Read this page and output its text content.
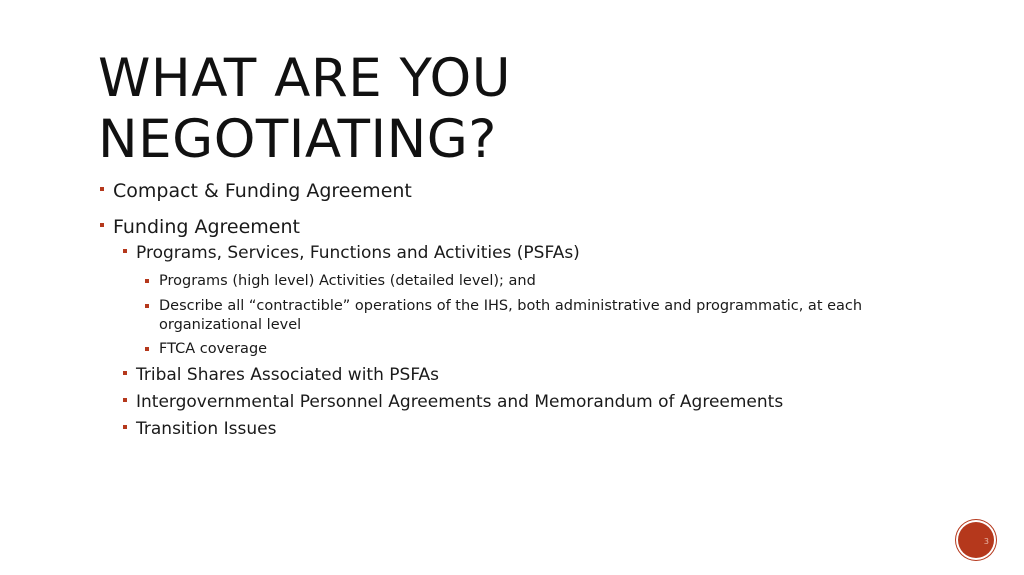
WHAT ARE YOU
NEGOTIATING?
Compact & Funding Agreement
Funding Agreement
Programs, Services, Functions and Activities (PSFAs)
Programs (high level) Activities (detailed level); and
Describe all “contractible” operations of the IHS, both administrative and programmatic, at each organizational level
FTCA coverage
Tribal Shares Associated with PSFAs
Intergovernmental Personnel Agreements and Memorandum of Agreements
Transition Issues
3
